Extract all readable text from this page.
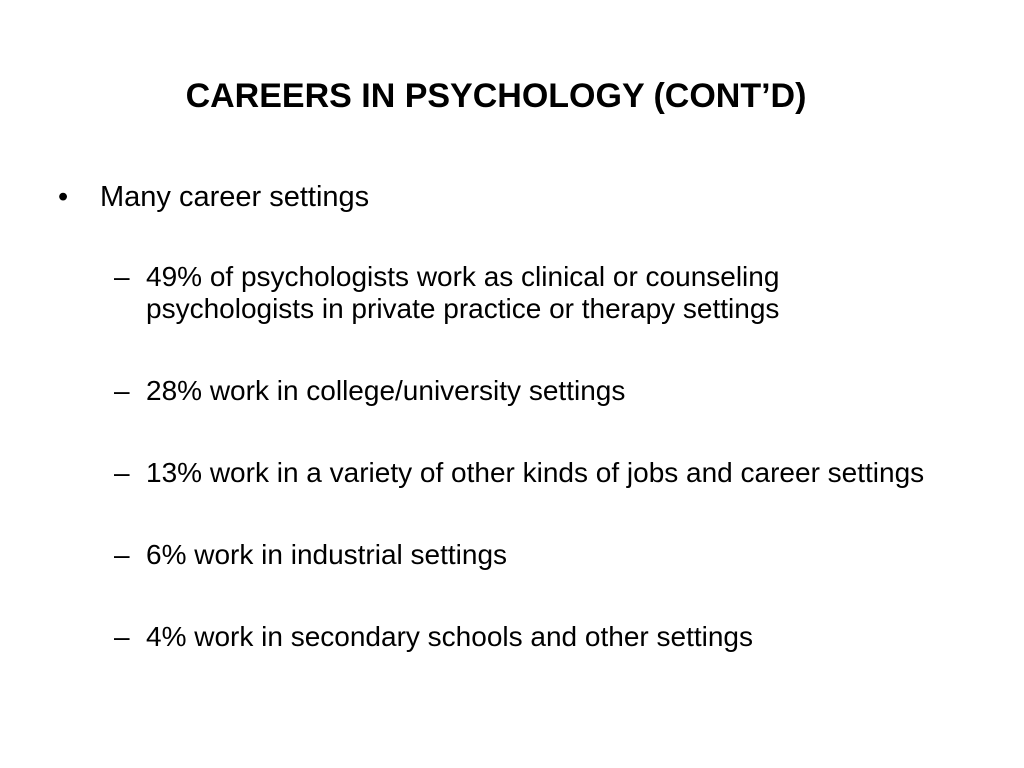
CAREERS IN PSYCHOLOGY (CONT’D)
•	Many career settings
– 49% of psychologists work as clinical or counseling psychologists in private practice or therapy settings
– 28% work in college/university settings
– 13% work in a variety of other kinds of jobs and career settings
– 6% work in industrial settings
– 4% work in secondary schools and other settings
